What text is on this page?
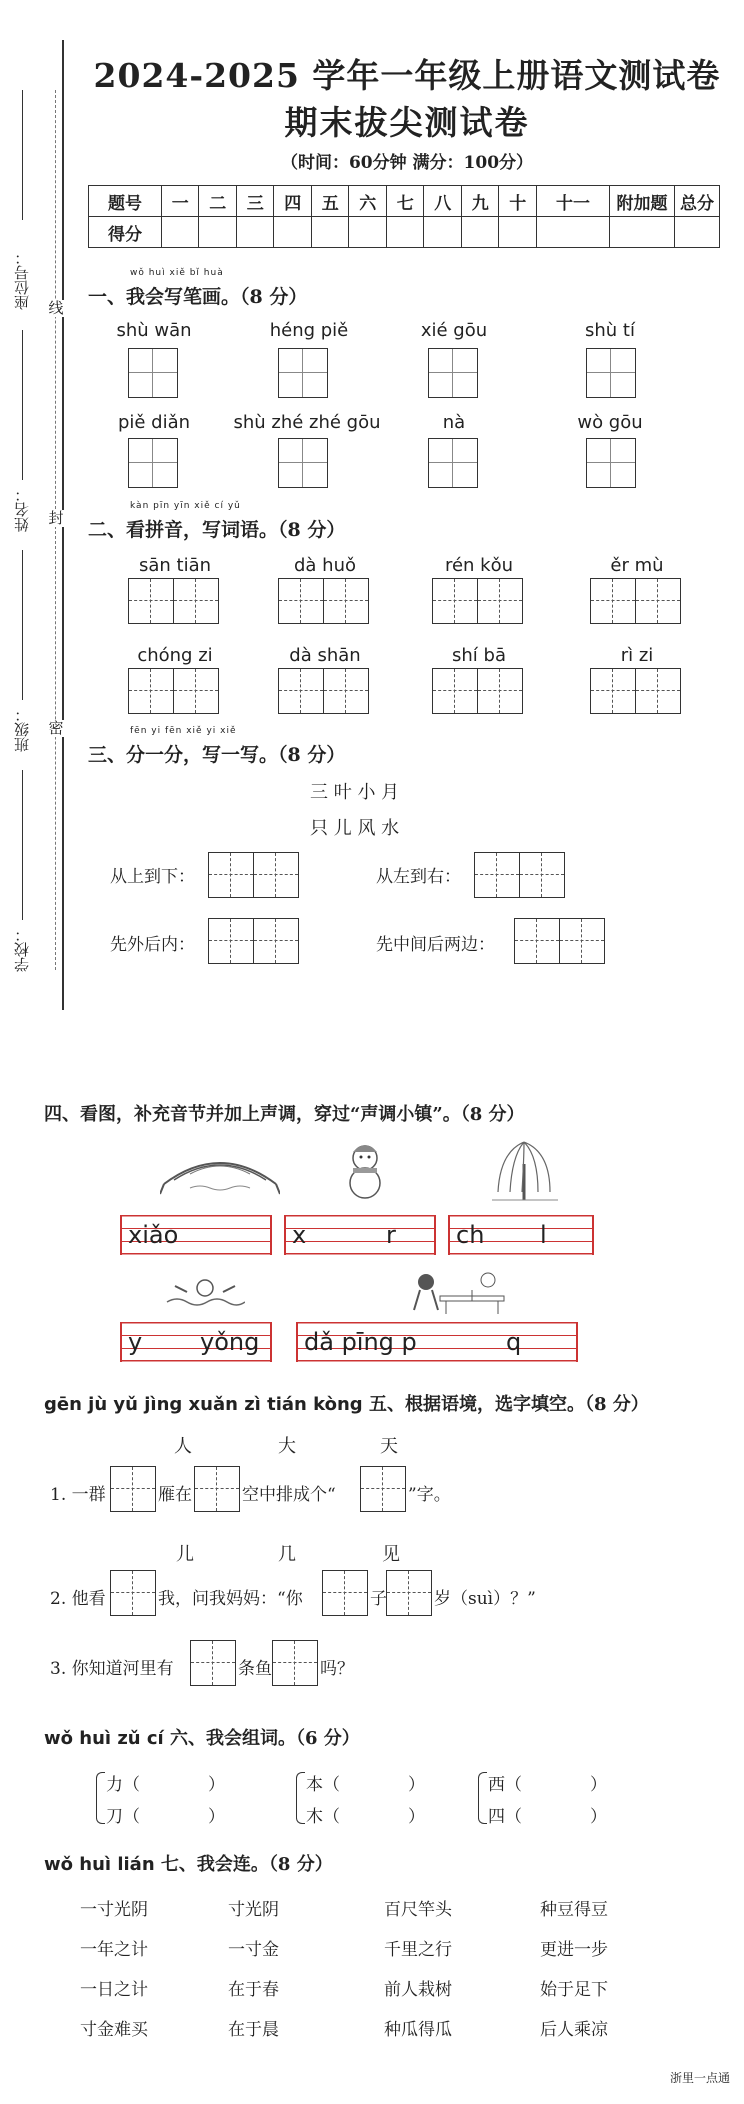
线
封
密
座位号：
姓名：
班级：
学校：
2024-2025 学年一年级上册语文测试卷
期末拔尖测试卷
（时间：60分钟 满分：100分）
题号	一	二	三	四	五	六	七	八	九	十	十一	附加题	总分
得分													
wǒ huì xiě bǐ huà
一、我会写笔画。（8 分）
shù wān	héng piě	xié gōu	shù tí
piě diǎn	shù zhé zhé gōu	nà	wò gōu
kàn pīn yīn xiě cí yǔ
二、看拼音，写词语。（8 分）
sān tiān	dà huǒ	rén kǒu	ěr mù
chóng zi	dà shān	shí bā	rì zi
fēn yi fēn xiě yi xiě
三、分一分，写一写。（8 分）
三 叶 小 月
只 儿 风 水
从上到下：	从左到右：
先外后内：	先中间后两边：
四、看图，补充音节并加上声调，穿过“声调小镇”。（8 分）
xiǎo	x	r	ch l
y yǒng dǎ pīng p	q
gēn jù yǔ jìng xuǎn zì tián kòng 五、根据语境，选字填空。（8 分）
人	大	天
1. 一群	雁在	空中排成个“	”字。
儿	几	见
2. 他看	我，问我妈妈：“你	子	岁（suì）？”
3. 你知道河里有	条鱼	吗？
wǒ huì zǔ cí 六、我会组词。（6 分）
力（	）
刀（	）
本（	）
木（	）
西（	）
四（	）
wǒ huì lián 七、我会连。（8 分）
一寸光阴	寸光阴	百尺竿头	种豆得豆
一年之计	一寸金	千里之行	更进一步
一日之计	在于春	前人栽树	始于足下
寸金难买	在于晨	种瓜得瓜	后人乘凉
浙里一点通
